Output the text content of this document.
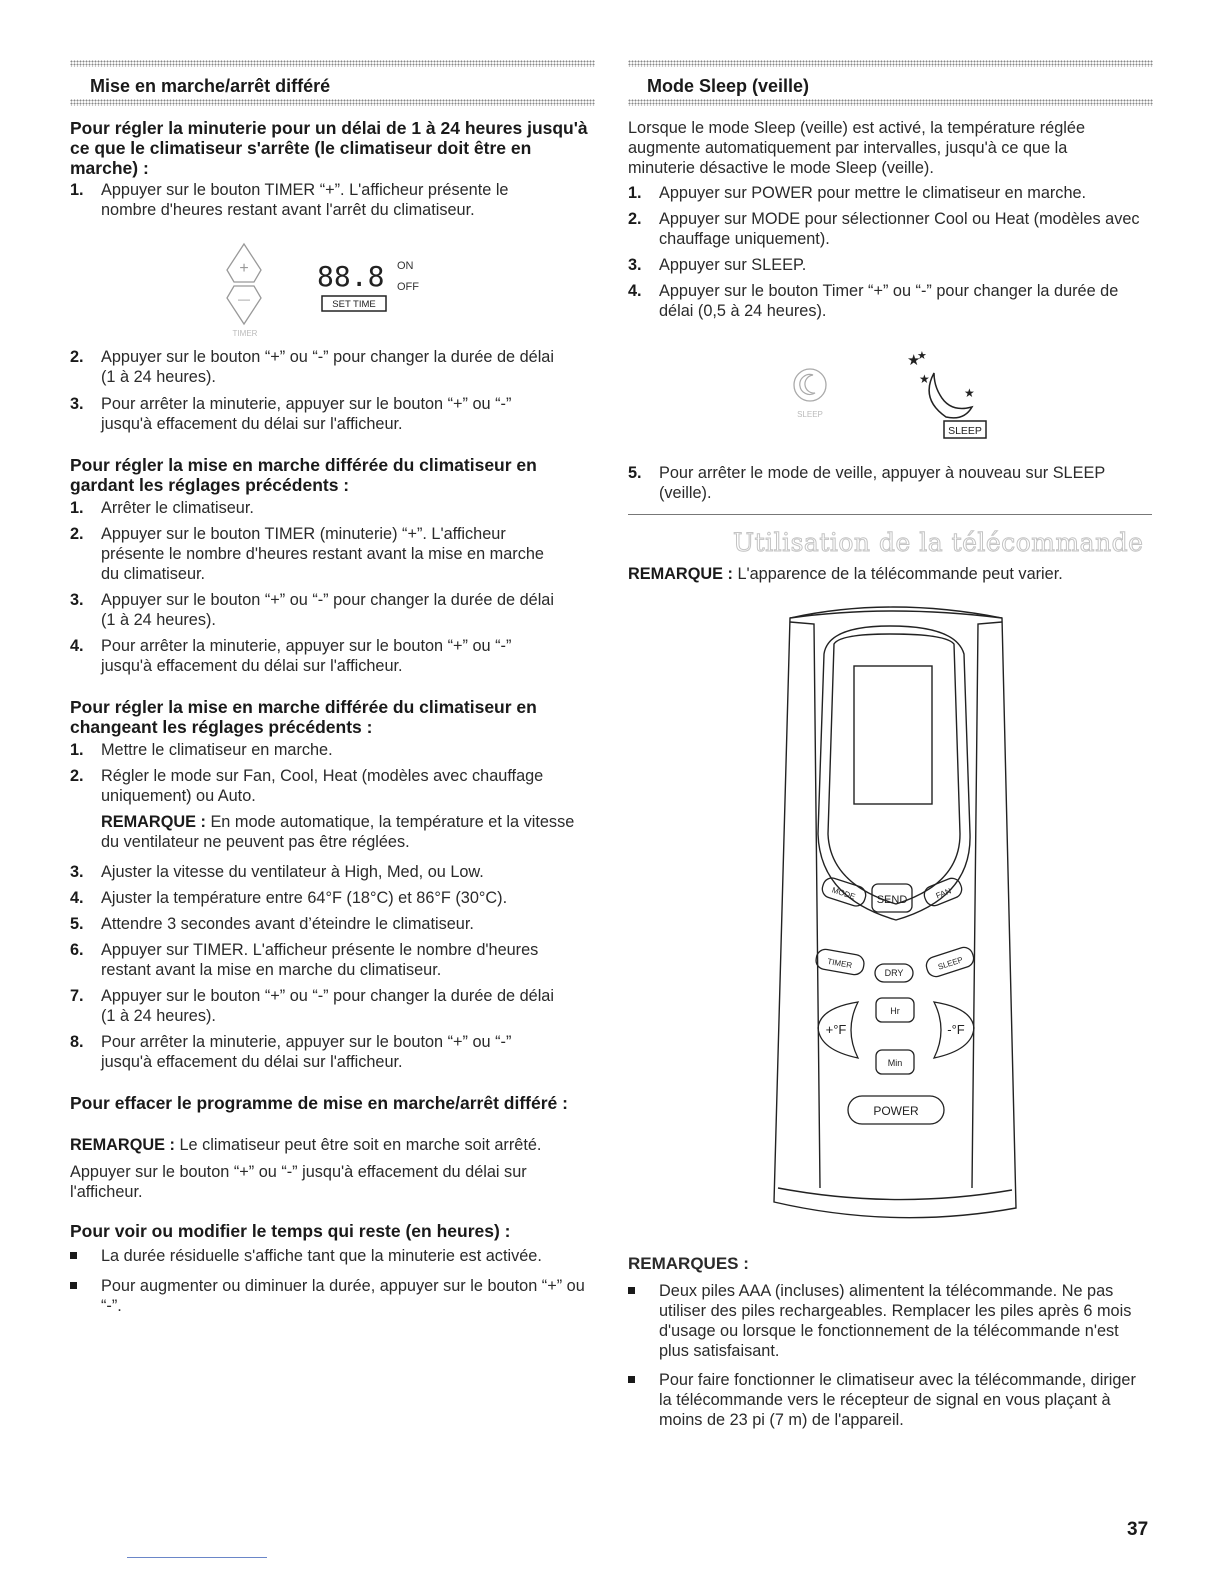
Mise en marche/arrêt différé
Pour régler la minuterie pour un délai de 1 à 24 heures jusqu'à ce que le climatiseur s'arrête (le climatiseur doit être en marche) :
+
—
TIMER
88.8 ON
OFF
SET TIME
Pour régler la mise en marche différée du climatiseur en gardant les réglages précédents :
Pour régler la mise en marche différée du climatiseur en changeant les réglages précédents :
REMARQUE : En mode automatique, la température et la vitesse du ventilateur ne peuvent pas être réglées.
Pour effacer le programme de mise en marche/arrêt différé :
REMARQUE : Le climatiseur peut être soit en marche soit arrêté.
Appuyer sur le bouton “+” ou “-” jusqu'à effacement du délai sur l'afficheur.
Pour voir ou modifier le temps qui reste (en heures) :
Mode Sleep (veille)
Lorsque le mode Sleep (veille) est activé, la température réglée augmente automatiquement par intervalles, jusqu'à ce que la minuterie désactive le mode Sleep (veille).
SLEEP
★
★
★
★
SLEEP
Utilisation de la télécommande
REMARQUE : L'apparence de la télécommande peut varier.
MODE SEND	FAN
TIMER
DRY
SLEEP
Hr
Min
+°F	-°F
POWER
REMARQUES :
37
1. Appuyer sur le bouton TIMER “+”. L'afficheur présente le nombre d'heures restant avant l'arrêt du climatiseur.
2. Appuyer sur le bouton “+” ou “-” pour changer la durée de délai (1 à 24 heures).
3. Pour arrêter la minuterie, appuyer sur le bouton “+” ou “-” jusqu'à effacement du délai sur l'afficheur.
1. Arrêter le climatiseur.
2. Appuyer sur le bouton TIMER (minuterie) “+”. L'afficheur présente le nombre d'heures restant avant la mise en marche du climatiseur.
3. Appuyer sur le bouton “+” ou “-” pour changer la durée de délai (1 à 24 heures).
4. Pour arrêter la minuterie, appuyer sur le bouton “+” ou “-” jusqu'à effacement du délai sur l'afficheur.
1. Mettre le climatiseur en marche.
2. Régler le mode sur Fan, Cool, Heat (modèles avec chauffage uniquement) ou Auto.
3. Ajuster la vitesse du ventilateur à High, Med, ou Low.
4. Ajuster la température entre 64°F (18°C) et 86°F (30°C).
5. Attendre 3 secondes avant d’éteindre le climatiseur.
6. Appuyer sur TIMER. L'afficheur présente le nombre d'heures restant avant la mise en marche du climatiseur.
7. Appuyer sur le bouton “+” ou “-” pour changer la durée de délai (1 à 24 heures).
8. Pour arrêter la minuterie, appuyer sur le bouton “+” ou “-” jusqu'à effacement du délai sur l'afficheur.
1. Appuyer sur POWER pour mettre le climatiseur en marche.
2. Appuyer sur MODE pour sélectionner Cool ou Heat (modèles avec chauffage uniquement).
3. Appuyer sur SLEEP.
4. Appuyer sur le bouton Timer “+” ou “-” pour changer la durée de délai (0,5 à 24 heures).
5. Pour arrêter le mode de veille, appuyer à nouveau sur SLEEP (veille).
La durée résiduelle s'affiche tant que la minuterie est activée.
Pour augmenter ou diminuer la durée, appuyer sur le bouton “+” ou “-”.
Deux piles AAA (incluses) alimentent la télécommande. Ne pas utiliser des piles rechargeables. Remplacer les piles après 6 mois d'usage ou lorsque le fonctionnement de la télécommande n'est plus satisfaisant.
Pour faire fonctionner le climatiseur avec la télécommande, diriger la télécommande vers le récepteur de signal en vous plaçant à moins de 23 pi (7 m) de l'appareil.
